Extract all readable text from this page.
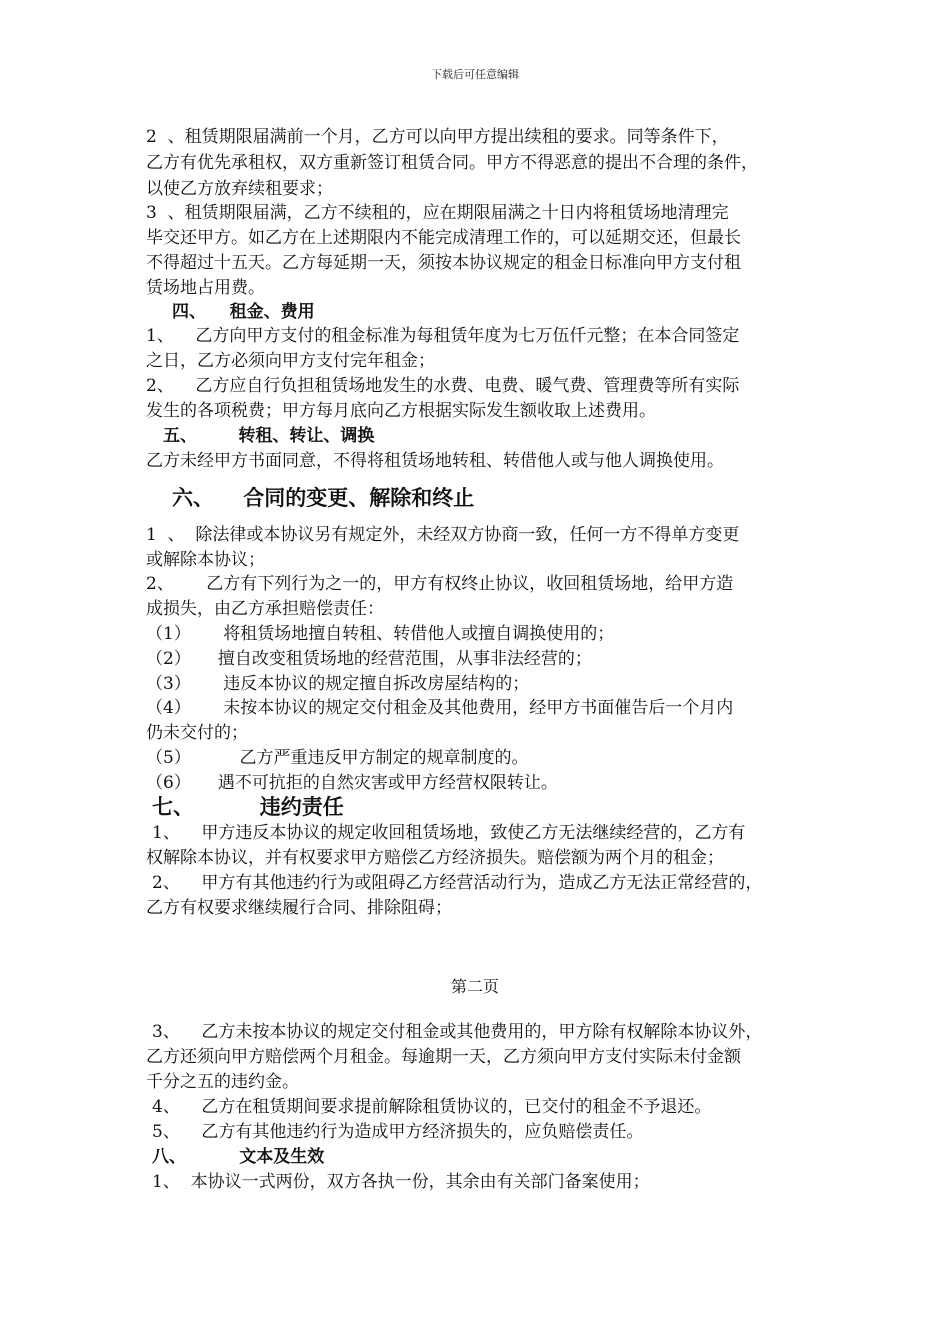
下载后可任意编辑
2  、租赁期限届满前一个月，乙方可以向甲方提出续租的要求。同等条件下，
乙方有优先承租权，双方重新签订租赁合同。甲方不得恶意的提出不合理的条件，
以使乙方放弃续租要求；
3  、租赁期限届满，乙方不续租的，应在期限届满之十日内将租赁场地清理完
毕交还甲方。如乙方在上述期限内不能完成清理工作的，可以延期交还，但最长
不得超过十五天。乙方每延期一天，须按本协议规定的租金日标准向甲方支付租
赁场地占用费。
四、    租金、费用
1、    乙方向甲方支付的租金标准为每租赁年度为七万伍仟元整；在本合同签定
之日，乙方必须向甲方支付完年租金；
2、    乙方应自行负担租赁场地发生的水费、电费、暖气费、管理费等所有实际
发生的各项税费；甲方每月底向乙方根据实际发生额收取上述费用。
五、       转租、转让、调换
乙方未经甲方书面同意，不得将租赁场地转租、转借他人或与他人调换使用。
六、    合同的变更、解除和终止
1  、  除法律或本协议另有规定外，未经双方协商一致，任何一方不得单方变更
或解除本协议；
2、      乙方有下列行为之一的，甲方有权终止协议，收回租赁场地，给甲方造
成损失，由乙方承担赔偿责任：
（1）      将租赁场地擅自转租、转借他人或擅自调换使用的；
（2）     擅自改变租赁场地的经营范围，从事非法经营的；
（3）      违反本协议的规定擅自拆改房屋结构的；
（4）      未按本协议的规定交付租金及其他费用，经甲方书面催告后一个月内
仍未交付的；
（5）         乙方严重违反甲方制定的规章制度的。
（6）     遇不可抗拒的自然灾害或甲方经营权限转让。
七、         违约责任
1、    甲方违反本协议的规定收回租赁场地，致使乙方无法继续经营的，乙方有
权解除本协议，并有权要求甲方赔偿乙方经济损失。赔偿额为两个月的租金；
2、    甲方有其他违约行为或阻碍乙方经营活动行为，造成乙方无法正常经营的，
乙方有权要求继续履行合同、排除阻碍；
第二页
3、    乙方未按本协议的规定交付租金或其他费用的，甲方除有权解除本协议外，
乙方还须向甲方赔偿两个月租金。每逾期一天，乙方须向甲方支付实际未付金额
千分之五的违约金。
4、    乙方在租赁期间要求提前解除租赁协议的，已交付的租金不予退还。
5、    乙方有其他违约行为造成甲方经济损失的，应负赔偿责任。
八、         文本及生效
1、  本协议一式两份，双方各执一份，其余由有关部门备案使用；
